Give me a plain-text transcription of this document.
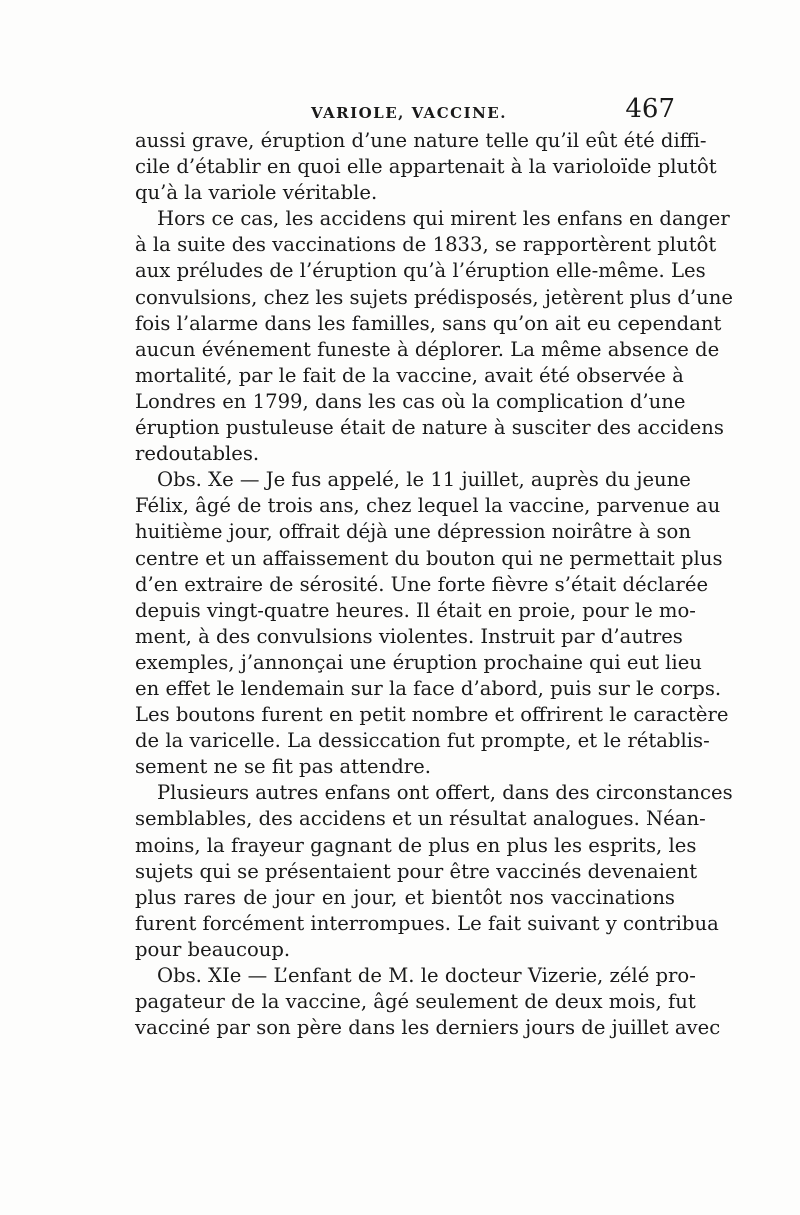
VARIOLE, VACCINE.	467
aussi grave, éruption d’une nature telle qu’il eût été diffi-
cile d’établir en quoi elle appartenait à la varioloïde plutôt
qu’à la variole véritable.
Hors ce cas, les accidens qui mirent les enfans en danger
à la suite des vaccinations de 1833, se rapportèrent plutôt
aux préludes de l’éruption qu’à l’éruption elle-même. Les
convulsions, chez les sujets prédisposés, jetèrent plus d’une
fois l’alarme dans les familles, sans qu’on ait eu cependant
aucun événement funeste à déplorer. La même absence de
mortalité, par le fait de la vaccine, avait été observée à
Londres en 1799, dans les cas où la complication d’une
éruption pustuleuse était de nature à susciter des accidens
redoutables.
Obs. Xe — Je fus appelé, le 11 juillet, auprès du jeune
Félix, âgé de trois ans, chez lequel la vaccine, parvenue au
huitième jour, offrait déjà une dépression noirâtre à son
centre et un affaissement du bouton qui ne permettait plus
d’en extraire de sérosité. Une forte fièvre s’était déclarée
depuis vingt-quatre heures. Il était en proie, pour le mo-
ment, à des convulsions violentes. Instruit par d’autres
exemples, j’annonçai une éruption prochaine qui eut lieu
en effet le lendemain sur la face d’abord, puis sur le corps.
Les boutons furent en petit nombre et offrirent le caractère
de la varicelle. La dessiccation fut prompte, et le rétablis-
sement ne se fit pas attendre.
Plusieurs autres enfans ont offert, dans des circonstances
semblables, des accidens et un résultat analogues. Néan-
moins, la frayeur gagnant de plus en plus les esprits, les
sujets qui se présentaient pour être vaccinés devenaient
plus rares de jour en jour, et bientôt nos vaccinations
furent forcément interrompues. Le fait suivant y contribua
pour beaucoup.
Obs. XIe — L’enfant de M. le docteur Vizerie, zélé pro-
pagateur de la vaccine, âgé seulement de deux mois, fut
vacciné par son père dans les derniers jours de juillet avec
